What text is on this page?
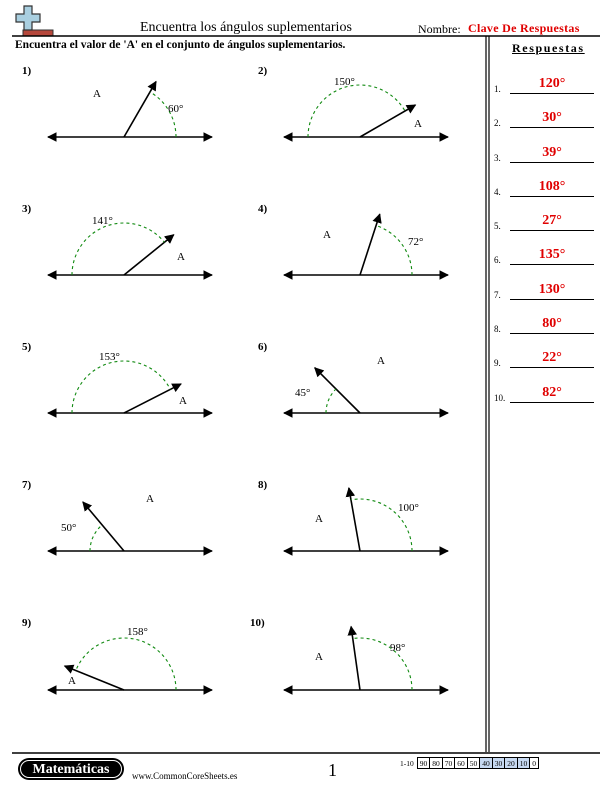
Encuentra los ángulos suplementarios	Nombre: Clave De Respuestas
Encuentra el valor de 'A' en el conjunto de ángulos suplementarios.	Respuestas
1)
60°
A
2)
150°
A
3)
141°
A
4)
72°
A
5)
153°
A
6)
45°
A
7)
50°
A
8)
100°
A
9)
158°
A
10)
98°
A
1.	120°
2.	30°
3.	39°
4.	108°
5.	27°
6.	135°
7.	130°
8.	80°
9.	22°
10.	82°
Matemáticas	www.CommonCoreSheets.es	1	1-10	90	80	70	60	50	40	30	20	10	0
